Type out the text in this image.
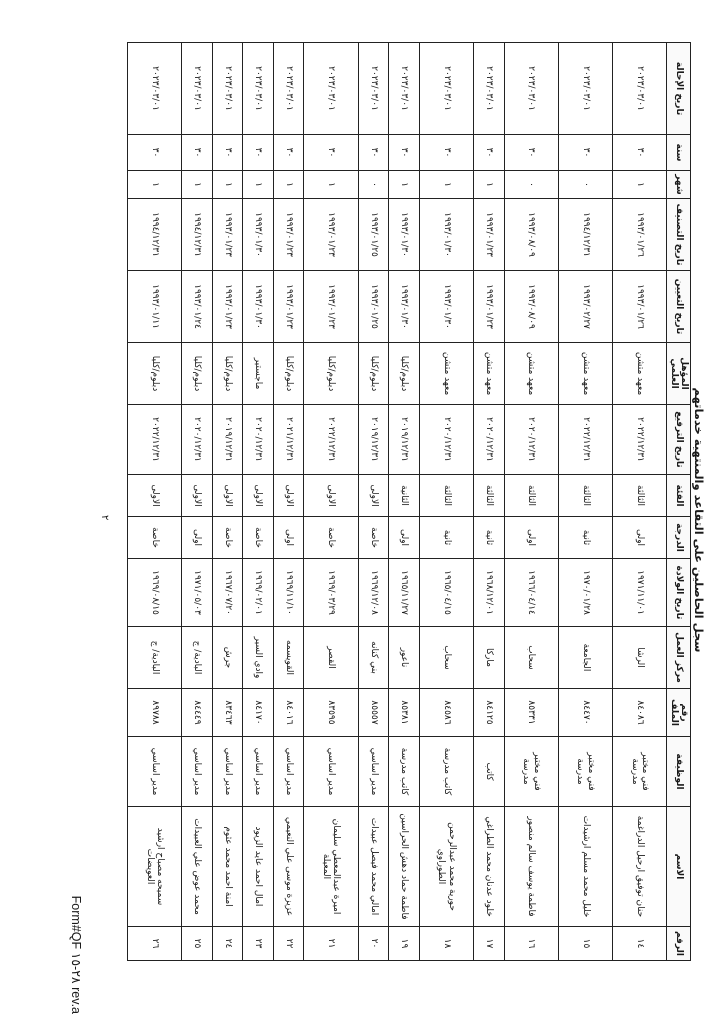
سجل الحاصلين على التقاعد والمنتهية خدماتهم
الرقم	الاسم	الوظيفة	رقم الملف	مركز العمل	تاريخ الولادة	الدرجة	الفئة	تاريخ الترفيع	المؤهل العلمي	تاريخ التعيين	تاريخ التصنيف	شهر	سنة	تاريخ الإحالة
١٤	حنان توفيق ارحيل الدراغمة	فني مختبر مدرسة	٨٤٠٨٦	الرشا	١٩٧١/١١/٠١	اولى	الثالثة	٢٠٢٢/١٢/٣١	معهد متشن	١٩٩٣/٠١/٢٦	١٩٩٣/٠١/٢٦	١	٣٠	٢٠٢٣/٠٣/٠١
١٥	خليل محمد مسلم ارشيدات	فني مختبر مدرسة	٨٤٤٧٠	الجامعة	١٩٧٠/٠١/٢٨	ثانية	الثالثة	٢٠٢٢/١٢/٣١	معهد متشن	١٩٩٣/٠٢/٢٧	١٩٩٤/١٢/٣١	٠	٣٠	٢٠٢٣/٠٣/٠١
١٦	فاطمة يوسف سالم منصور	فني مختبر مدرسة	٨٥٣٣١	سحاب	١٩٦٦/٠٤/١٤	اولى	الثالثة	٢٠٢٠/١٢/٣١	معهد متشن	١٩٩٣/٠٨/٠٩	١٩٩٣/٠٨/٠٩	٠	٣٠	٢٠٢٣/٠٣/٠١
١٧	خلود عدنان محمد الطراغي	كاتب	٨٤١٢٥	ماركا	١٩٦٨/١٢/٠١	ثانية	الثالثة	٢٠٢٠/١٢/٣١	معهد متشن	١٩٩٣/٠١/٢٣	١٩٩٣/٠١/٢٣	١	٣٠	٢٠٢٣/٠٣/٠١
١٨	حورية محمد عبدالرحمن الطوراوي	كاتب مدرسة	٨٤٥٨٦	سحاب	١٩٦٥/٠٤/١٥	ثانية	الثالثة	٢٠٢٠/١٢/٣١	معهد متشن	١٩٩٣/٠١/٣٠	١٩٩٣/٠١/٣٠	١	٣٠	٢٠٢٣/٠٣/٠١
١٩	فاطمة حماد دهش الحراسين	كاتب مدرسة	٨٥٣٨١	ناعور	١٩٦٥/١١/٢٧	اولى	الثانية	٢٠١٩/١٢/٣١	دبلوم/كليا	١٩٩٣/٠١/٣٠	١٩٩٣/٠١/٣٠	١	٣٠	٢٠٢٣/٠٣/٠١
٢٠	امالي محمد فيصل عبيدات	مدير اساسي	٨٥٥٥٧	بني كنانه	١٩٦٩/١٢/٠٨	خاصة	الاولى	٢٠١٩/١٢/٣١	دبلوم/كليا	١٩٩٣/٠١/٢٥	١٩٩٣/٠١/٢٥	٠	٣٠	٢٠٢٣/٠٣/٠١
٢١	اميرة عبدالمعطي سليمان المعيلة	مدير اساسي	٨٣٥٩٥	القصر	١٩٦٩/٠٣/٢٩	خاصة	الاولى	٢٠٢٢/١٢/٣١	دبلوم/كليا	١٩٩٣/٠١/٢٣	١٩٩٣/٠١/٢٣	١	٣٠	٢٠٢٣/٠٣/٠١
٢٢	عزيزة موسى علي النعيمي	مدير اساسي	٨٤٠١٦	القويسمه	١٩٦٩/١١/١٠	اولى	الاولى	٢٠٢١/١٢/٣١	دبلوم/كليا	١٩٩٣/٠١/٢٣	١٩٩٣/٠١/٢٣	١	٣٠	٢٠٢٣/٠٣/٠١
٢٣	امال احمد عايد الزيود	مدير اساسي	٨٤١٧٠	وادي السير	١٩٦٩/٠٢/٠١	خاصة	الاولى	٢٠٢٠/١٢/٣١	ماجستير	١٩٩٣/٠١/٣٠	١٩٩٣/٠١/٣٠	١	٣٠	٢٠٢٣/٠٣/٠١
٢٤	امنة احمد محمد عثوم	مدير اساسي	٨٣٤٦٣	جرش	١٩٦٧/٠٧/٢٠	خاصة	الاولى	٢٠١٩/١٢/٣١	دبلوم/كليا	١٩٩٣/٠١/٢٣	١٩٩٣/٠١/٢٣	١	٣٠	٢٠٢٣/٠٣/٠١
٢٥	محمد عوض علي العبيدات	مدير اساسي	٨٤٤٤٩	البادية/ ج	١٩٧١/٠٥/٠٣	اولى	الاولى	٢٠٢٠/١٢/٣١	دبلوم/كليا	١٩٩٣/٠١/٢٤	١٩٩٤/١٢/٣١	١	٣٠	٢٠٢٣/٠٣/٠١
٢٦	سميحه مصباح ارشيد العويضات	مدير اساسي	٨٩٧٨٨	البادية/ ج	١٩٦٩/٠٨/١٥	خاصة	الاولى	٢٠٢٢/١٢/٣١	دبلوم/كليا	١٩٩٣/٠١/١١	١٩٩٤/١٢/٣١	١	٣٠	٢٠٢٣/٠٣/٠١
٢
Form#QF ٢٨-١٥ rev.a
